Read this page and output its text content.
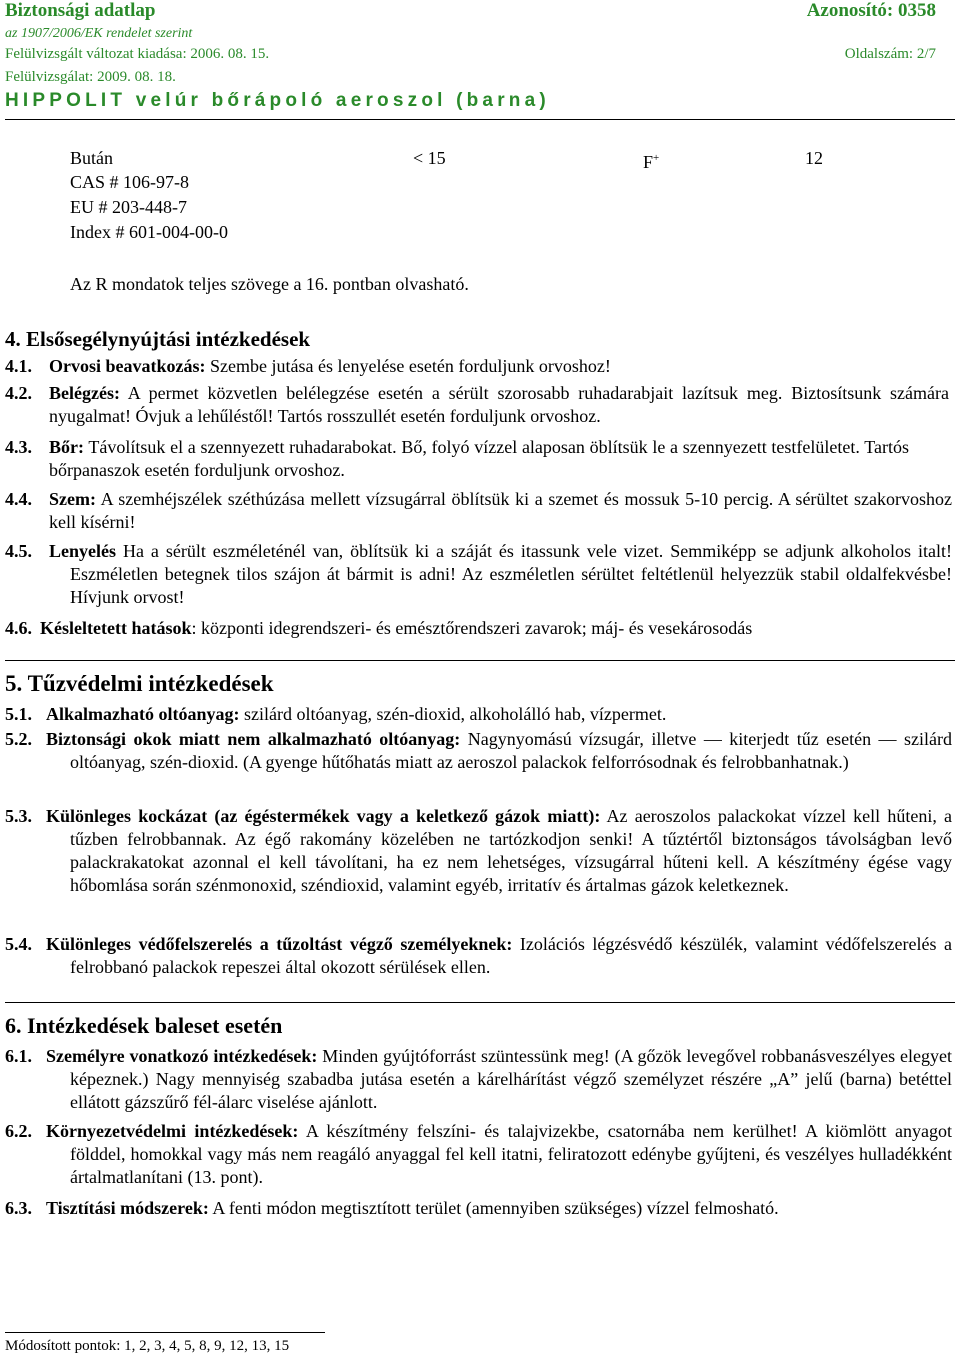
Biztonsági adatlap	Azonosító: 0358
az 1907/2006/EK rendelet szerint
Felülvizsgált változat kiadása: 2006. 08. 15.	Oldalszám: 2/7
Felülvizsgálat: 2009. 08. 18.
HIPPOLIT velúr bőrápoló aeroszol (barna)
Bután
CAS # 106-97-8
EU # 203-448-7
Index # 601-004-00-0
< 15	F+	12
Az R mondatok teljes szövege a 16. pontban olvasható.
4. Elsősegélynyújtási intézkedések
4.1. Orvosi beavatkozás: Szembe jutása és lenyelése esetén forduljunk orvoshoz!
4.2. Belégzés: A permet közvetlen belélegzése esetén a sérült szorosabb ruhadarabjait lazítsuk meg. Biztosítsunk számára nyugalmat! Óvjuk a lehűléstől! Tartós rosszullét esetén forduljunk orvoshoz.
4.3. Bőr: Távolítsuk el a szennyezett ruhadarabokat. Bő, folyó vízzel alaposan öblítsük le a szennyezett testfelületet. Tartós bőrpanaszok esetén forduljunk orvoshoz.
4.4. Szem: A szemhéjszélek széthúzása mellett vízsugárral öblítsük ki a szemet és mossuk 5-10 percig. A sérültet szakorvoshoz kell kísérni!
4.5. Lenyelés Ha a sérült eszméleténél van, öblítsük ki a száját és itassunk vele vizet. Semmiképp se adjunk alkoholos italt! Eszméletlen betegnek tilos szájon át bármit is adni! Az eszméletlen sérültet feltétlenül helyezzük stabil oldalfekvésbe! Hívjunk orvost!
4.6. Késleltetett hatások: központi idegrendszeri- és emésztőrendszeri zavarok; máj- és vesekárosodás
5. Tűzvédelmi intézkedések
5.1. Alkalmazható oltóanyag: szilárd oltóanyag, szén-dioxid, alkoholálló hab, vízpermet.
5.2. Biztonsági okok miatt nem alkalmazható oltóanyag: Nagynyomású vízsugár, illetve — kiterjedt tűz esetén — szilárd oltóanyag, szén-dioxid. (A gyenge hűtőhatás miatt az aeroszol palackok felforrósodnak és felrobbanhatnak.)
5.3. Különleges kockázat (az égéstermékek vagy a keletkező gázok miatt): Az aeroszolos palackokat vízzel kell hűteni, a tűzben felrobbannak. Az égő rakomány közelében ne tartózkodjon senki! A tűztértől biztonságos távolságban levő palackrakatokat azonnal el kell távolítani, ha ez nem lehetséges, vízsugárral hűteni kell. A készítmény égése vagy hőbomlása során szénmonoxid, széndioxid, valamint egyéb, irritatív és ártalmas gázok keletkeznek.
5.4. Különleges védőfelszerelés a tűzoltást végző személyeknek: Izolációs légzésvédő készülék, valamint védőfelszerelés a felrobbanó palackok repeszei által okozott sérülések ellen.
6. Intézkedések baleset esetén
6.1. Személyre vonatkozó intézkedések: Minden gyújtóforrást szüntessünk meg! (A gőzök levegővel robbanásveszélyes elegyet képeznek.) Nagy mennyiség szabadba jutása esetén a kárelhárítást végző személyzet részére „A” jelű (barna) betéttel ellátott gázszűrő fél-álarc viselése ajánlott.
6.2. Környezetvédelmi intézkedések: A készítmény felszíni- és talajvizekbe, csatornába nem kerülhet! A kiömlött anyagot földdel, homokkal vagy más nem reagáló anyaggal fel kell itatni, feliratozott edénybe gyűjteni, és veszélyes hulladékként ártalmatlanítani (13. pont).
6.3. Tisztítási módszerek: A fenti módon megtisztított terület (amennyiben szükséges) vízzel felmosható.
Módosított pontok: 1, 2, 3, 4, 5, 8, 9, 12, 13, 15
